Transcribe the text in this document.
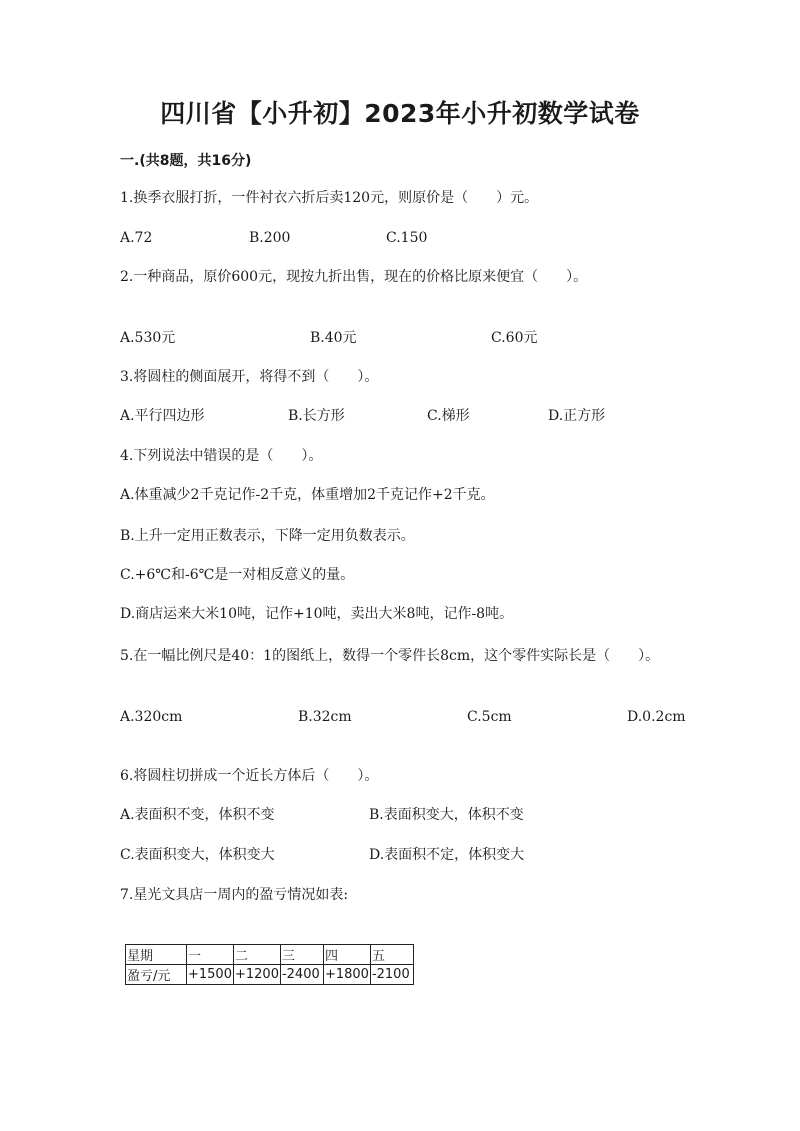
四川省【小升初】2023年小升初数学试卷
一.(共8题，共16分)
1.换季衣服打折，一件衬衣六折后卖120元，则原价是（　　）元。
A.72	B.200	C.150
2.一种商品，原价600元，现按九折出售，现在的价格比原来便宜（　　）。
A.530元	B.40元	C.60元
3.将圆柱的侧面展开，将得不到（　　）。
A.平行四边形	B.长方形	C.梯形	D.正方形
4.下列说法中错误的是（　　）。
A.体重减少2千克记作-2千克，体重增加2千克记作+2千克。
B.上升一定用正数表示，下降一定用负数表示。
C.+6℃和-6℃是一对相反意义的量。
D.商店运来大米10吨，记作+10吨，卖出大米8吨，记作-8吨。
5.在一幅比例尺是40：1的图纸上，数得一个零件长8cm，这个零件实际长是（　　）。
A.320cm	B.32cm	C.5cm	D.0.2cm
6.将圆柱切拼成一个近长方体后（　　）。
A.表面积不变，体积不变	B.表面积变大，体积不变
C.表面积变大，体积变大	D.表面积不定，体积变大
7.星光文具店一周内的盈亏情况如表:
星期	一	二	三	四	五
盈亏/元	+1500	+1200	-2400	+1800	-2100
